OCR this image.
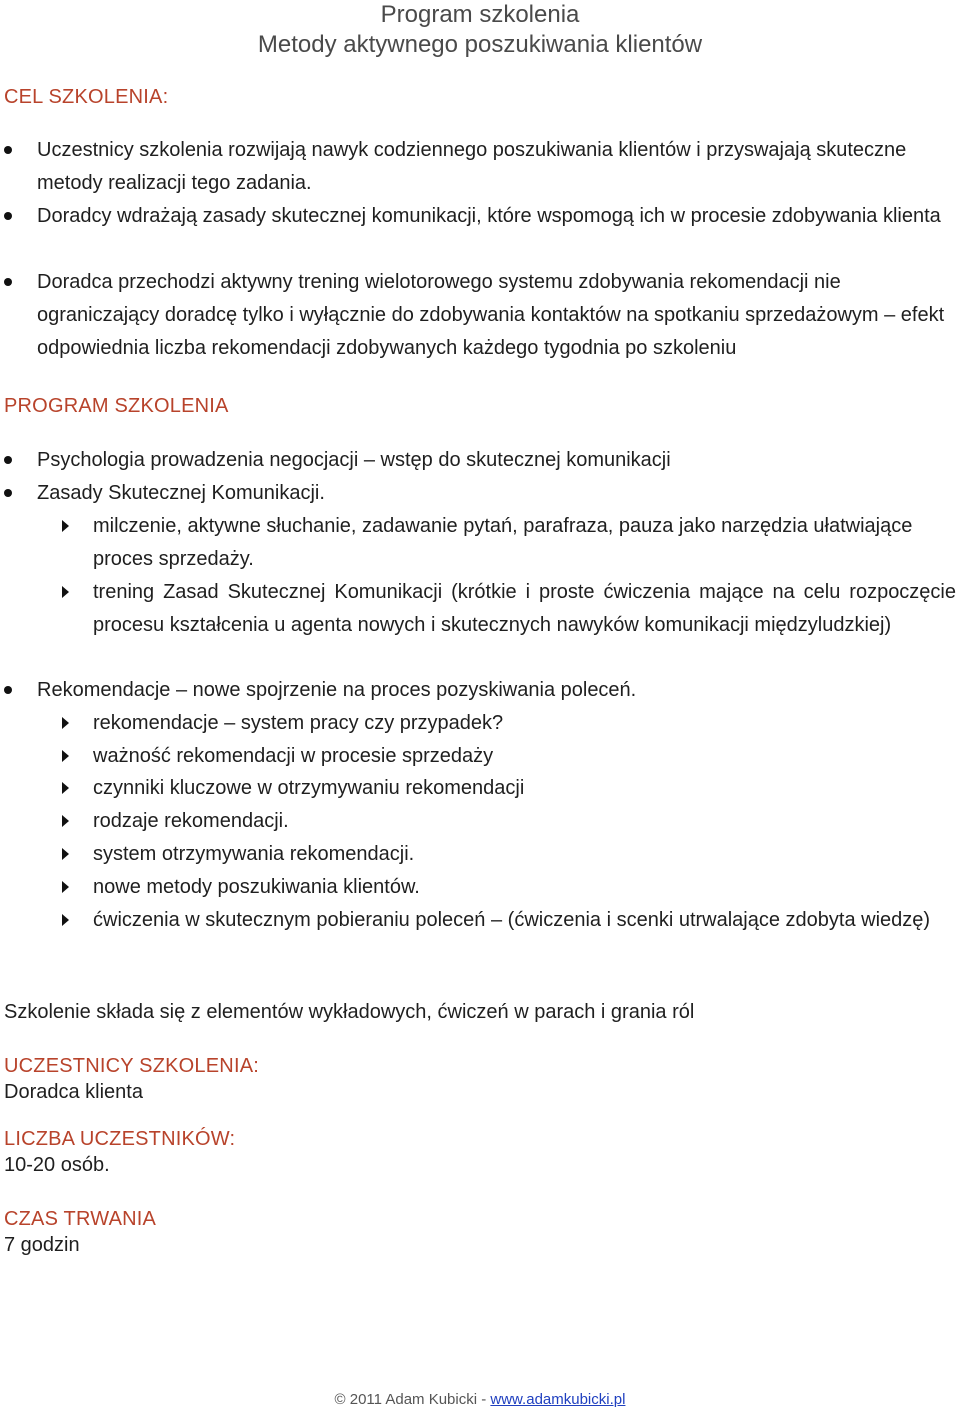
Program szkolenia
Metody aktywnego poszukiwania klientów
CEL SZKOLENIA:
Uczestnicy szkolenia rozwijają nawyk codziennego poszukiwania klientów i przyswajają skuteczne metody realizacji tego zadania.
Doradcy wdrażają zasady skutecznej komunikacji, które wspomogą ich w procesie zdobywania klienta
Doradca przechodzi aktywny trening wielotorowego systemu zdobywania rekomendacji nie ograniczający doradcę tylko i wyłącznie do zdobywania kontaktów na spotkaniu sprzedażowym – efekt odpowiednia liczba rekomendacji zdobywanych każdego tygodnia po szkoleniu
PROGRAM SZKOLENIA
Psychologia prowadzenia negocjacji – wstęp do skutecznej komunikacji
Zasady Skutecznej Komunikacji.
milczenie, aktywne słuchanie, zadawanie pytań, parafraza, pauza jako narzędzia ułatwiające proces sprzedaży.
trening Zasad Skutecznej Komunikacji (krótkie i proste ćwiczenia mające na celu rozpoczęcie procesu kształcenia u agenta nowych i skutecznych nawyków komunikacji międzyludzkiej)
Rekomendacje – nowe spojrzenie na proces pozyskiwania poleceń.
rekomendacje – system pracy czy przypadek?
ważność rekomendacji w procesie sprzedaży
czynniki kluczowe w otrzymywaniu rekomendacji
rodzaje rekomendacji.
system otrzymywania rekomendacji.
nowe metody poszukiwania klientów.
ćwiczenia w skutecznym pobieraniu poleceń – (ćwiczenia i scenki utrwalające zdobyta wiedzę)
Szkolenie składa się z elementów wykładowych, ćwiczeń w parach i grania ról
UCZESTNICY SZKOLENIA:
Doradca klienta
LICZBA UCZESTNIKÓW:
10-20 osób.
CZAS TRWANIA
7 godzin
© 2011 Adam Kubicki - www.adamkubicki.pl
